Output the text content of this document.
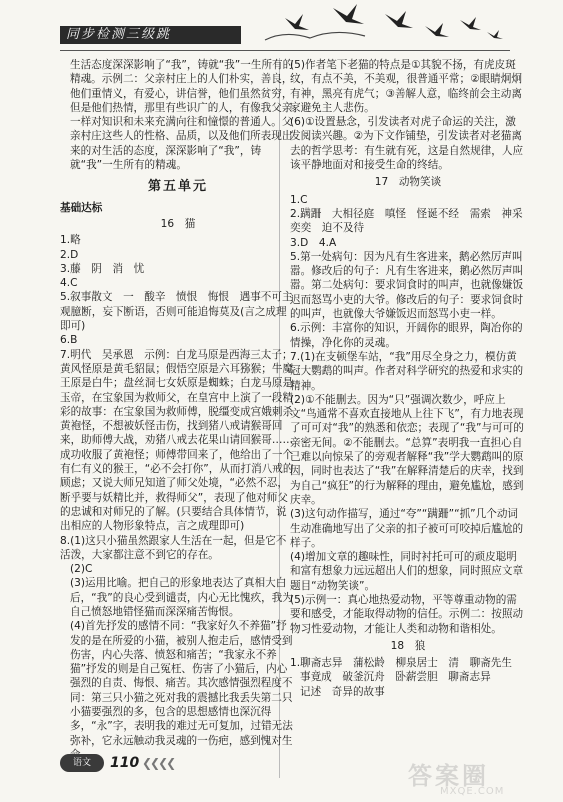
同步检测三级跳

生活态度深深影响了“我”，铸就“我”一生所有的精魂。示例二：父亲村庄上的人们朴实，善良，他们重情义，有爱心，讲信誉，他们虽然贫穷，但是他们热情，那里有些识广的人，有像我父亲一样对知识和未来充满向往和憧憬的普通人。父亲村庄这些人的性格、品质，以及他们所表现出来的对生活的态度，深深影响了“我”，铸就“我”一生所有的精魂。

第五单元
基础达标
16　猫

1.略

2.D

3.藤　阴　消　忧

4.C

5.叙事散文　一　酸辛　愤恨　悔恨　遇事不可主观臆断，妄下断语，否则可能追悔莫及(言之成理即可)

6.B

7.明代　吴承恩　示例：白龙马原是西海三太子；黄风怪原是黄毛貂鼠；假悟空原是六耳猕猴；牛魔王原是白牛；盘丝洞七女妖原是蜘蛛；白龙马原是玉帝，在宝象国为救师父，在皇宫中上演了一段精彩的故事：在宝象国为救师傅，脱缰变成宫娥刺杀黄袍怪，不想被妖怪击伤，找到猪八戒请猴哥回来，助师傅大战，劝猪八戒去花果山请回猴哥……成功收服了黄袍怪；师傅带回来了，他给出了一个有仁有义的猴王，“必不会打你”，从而打消八戒的顾虑；又说大师兄知道了师父处境，“必然不忍，断乎要与妖精比并，救得师父”，表现了他对师父的忠诚和对师兄的了解。(只要结合具体情节，说出相应的人物形象特点，言之成理即可)

8.(1)这只小猫虽然跟家人生活在一起，但是它不活泼，大家都注意不到它的存在。

(2)C

(3)运用比喻。把自己的形象地表达了真相大白后，“我”的良心受到谴责，内心无比愧疚，我为自己愤怒地错怪猫而深深痛苦悔恨。

(4)首先抒发的感情不同：“我家好久不养猫”抒发的是在所爱的小猫，被别人抱走后，感情受到伤害，内心失落、愤怒和痛苦；“我家永不养猫”抒发的则是自己冤枉、伤害了小猫后，内心强烈的自责、悔恨、痛苦。其次感情强烈程度不同：第三只小猫之死对我的震撼比我丢失第二只小猫要强烈的多，包含的思想感情也深沉得多，“永”字，表明我的难过无可复加，过错无法弥补，它永远触动我灵魂的一伤疤，感到愧对生

(5)作者笔下老猫的特点是①其貌不扬，有虎皮斑纹，有点不美，不美观，很普通平常；②眼睛炯炯有神，黑亮有虎气；③善解人意，临终前会主动离家避免主人悲伤。

(6)①设置悬念，引发读者对虎子命运的关注，激发阅读兴趣。②为下文作铺垫，引发读者对老猫离去的哲学思考：有生就有死，这是自然规律，人应该平静地面对和接受生命的终结。

17　动物笑谈

1.C

2.蹒跚　大相径庭　嗔怪　怪诞不经　需索　神采奕奕　迫不及待

3.D　4.A

5.第一处病句：因为凡有生客进来，鹅必然厉声叫嚣。修改后的句子：凡有生客进来，鹅必然厉声叫嚣。第二处病句：要求饲食时的叫声，也就像嫌饭迟而怒骂小吏的大爷。修改后的句子：要求饲食时的叫声，也就像大爷嫌饭迟而怒骂小吏一样。

6.示例：丰富你的知识，开阔你的眼界，陶冶你的情操，净化你的灵魂。

7.(1)在支顿堡车站，“我”用尽全身之力，模仿黄冠大鹦鹉的叫声。作者对科学研究的热爱和求实的精神。

(2)①不能删去。因为“只”强调次数少，呼应上文“鸟通常不喜欢直接地从上往下飞”，有力地表现了可可对“我”的熟悉和依恋；表现了“我”与可可的亲密无间。②不能删去。“总算”表明我一直担心自己难以向惊呆了的旁观者解释“我”学大鹦鹉叫的原因，同时也表达了“我”在解释清楚后的庆幸，找到为自己“疯狂”的行为解释的理由，避免尴尬，感到庆幸。

(3)这句动作描写，通过“夸”“蹒跚”“抓”几个动词生动准确地写出了父亲的扣子被可可咬掉后尴尬的样子。

(4)增加文章的趣味性，同时衬托可可的顽皮聪明和富有想象力远远超出人们的想象，同时照应文章题目“动物笑谈”。

(5)示例一：真心地热爱动物，平等尊重动物的需要和感受，才能取得动物的信任。示例二：按照动物习性爱动物，才能让人类和动物和谐相处。

18　狼

1.聊斋志异　蒲松龄　柳泉居士　清　聊斋先生

事竟成　破釜沉舟　卧薪尝胆　聊斋志异

记述　奇异的故事

语文	110 ❮❮❮❮	答案圈
MXQE.COM
